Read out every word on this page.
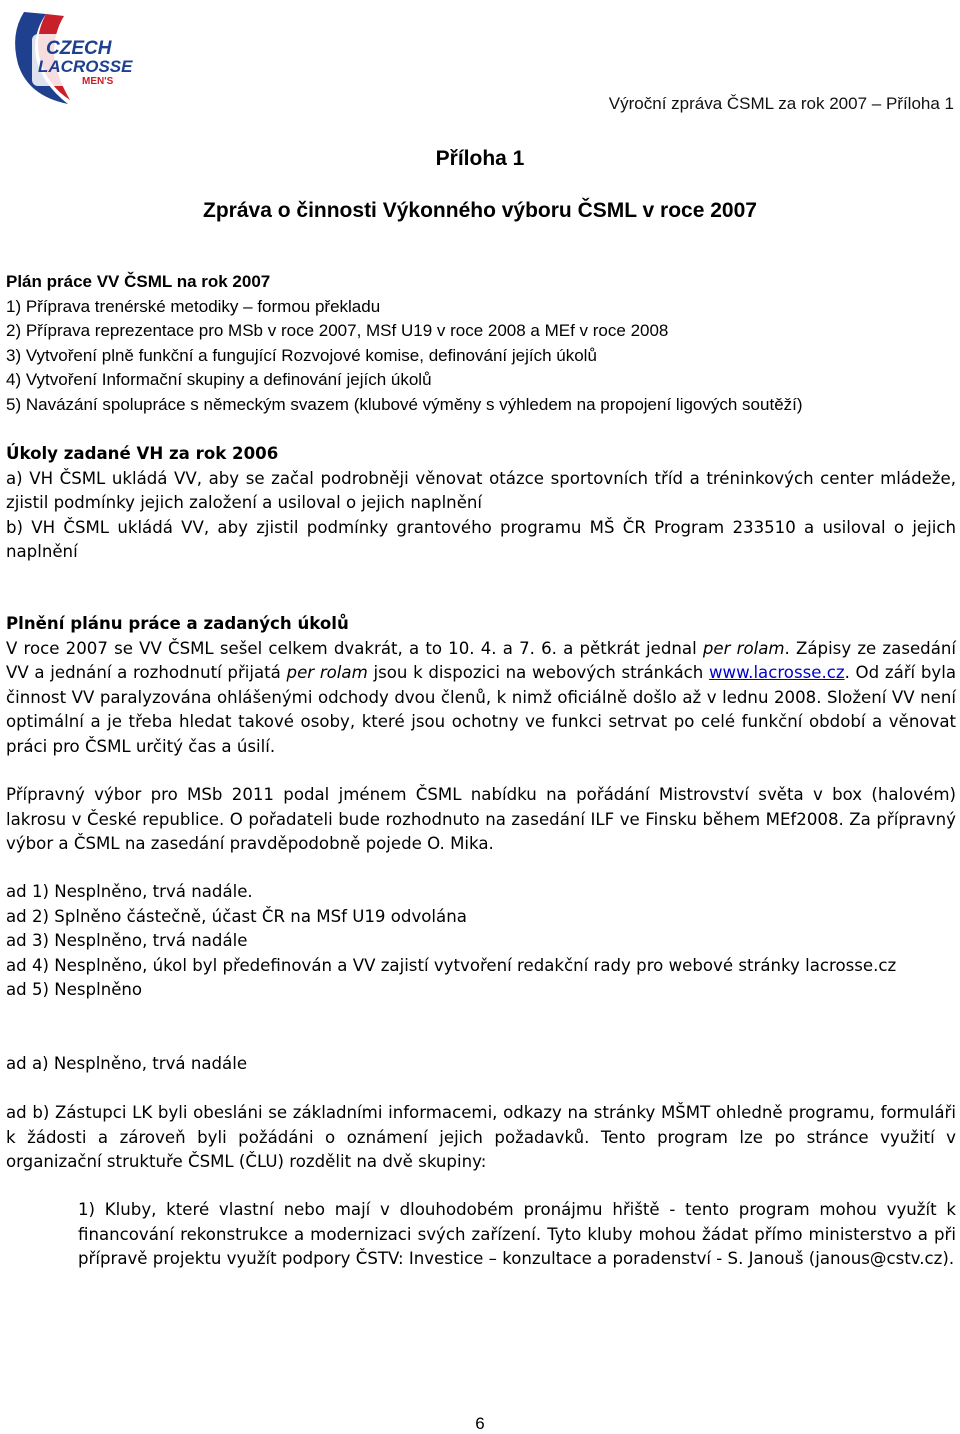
CZECH
LACROSSE
MEN'S
Výroční zpráva ČSML za rok 2007 – Příloha 1
Příloha 1
Zpráva o činnosti Výkonného výboru ČSML v roce 2007

Plán práce VV ČSML na rok 2007

1) Příprava trenérské metodiky – formou překladu

2) Příprava reprezentace pro MSb v roce 2007, MSf U19 v roce 2008 a MEf v roce 2008

3) Vytvoření plně funkční a fungující Rozvojové komise, definování jejích úkolů

4) Vytvoření Informační skupiny a definování jejích úkolů

5) Navázání spolupráce s německým svazem (klubové výměny s výhledem na propojení ligových soutěží)

Úkoly zadané VH za rok 2006

a) VH ČSML ukládá VV, aby se začal podrobněji věnovat otázce sportovních tříd a tréninkových center mládeže, zjistil podmínky jejich založení a usiloval o jejich naplnění

b) VH ČSML ukládá VV, aby zjistil podmínky grantového programu MŠ ČR Program 233510 a usiloval o jejich naplnění

Plnění plánu práce a zadaných úkolů

V roce 2007 se VV ČSML sešel celkem dvakrát, a to 10. 4. a 7. 6. a pětkrát jednal per rolam. Zápisy ze zasedání VV a jednání a rozhodnutí přijatá per rolam jsou k dispozici na webových stránkách www.lacrosse.cz. Od září byla činnost VV paralyzována ohlášenými odchody dvou členů, k nimž oficiálně došlo až v lednu 2008. Složení VV není optimální a je třeba hledat takové osoby, které jsou ochotny ve funkci setrvat po celé funkční období a věnovat práci pro ČSML určitý čas a úsilí.

Přípravný výbor pro MSb 2011 podal jménem ČSML nabídku na pořádání Mistrovství světa v box (halovém) lakrosu v České republice. O pořadateli bude rozhodnuto na zasedání ILF ve Finsku během MEf2008. Za přípravný výbor a ČSML na zasedání pravděpodobně pojede O. Mika.

ad 1) Nesplněno, trvá nadále.

ad 2) Splněno částečně, účast ČR na MSf U19 odvolána

ad 3) Nesplněno, trvá nadále

ad 4) Nesplněno, úkol byl předefinován a VV zajistí vytvoření redakční rady pro webové stránky lacrosse.cz

ad 5) Nesplněno

ad a) Nesplněno, trvá nadále

ad b) Zástupci LK byli obesláni se základními informacemi, odkazy na stránky MŠMT ohledně programu, formuláři k žádosti a zároveň byli požádáni o oznámení jejich požadavků. Tento program lze po stránce využití v organizační struktuře ČSML (ČLU) rozdělit na dvě skupiny:

1) Kluby, které vlastní nebo mají v dlouhodobém pronájmu hřiště - tento program mohou využít k financování rekonstrukce a modernizaci svých zařízení. Tyto kluby mohou žádat přímo ministerstvo a při přípravě projektu využít podpory ČSTV: Investice – konzultace a poradenství - S. Janouš (janous@cstv.cz).

6
